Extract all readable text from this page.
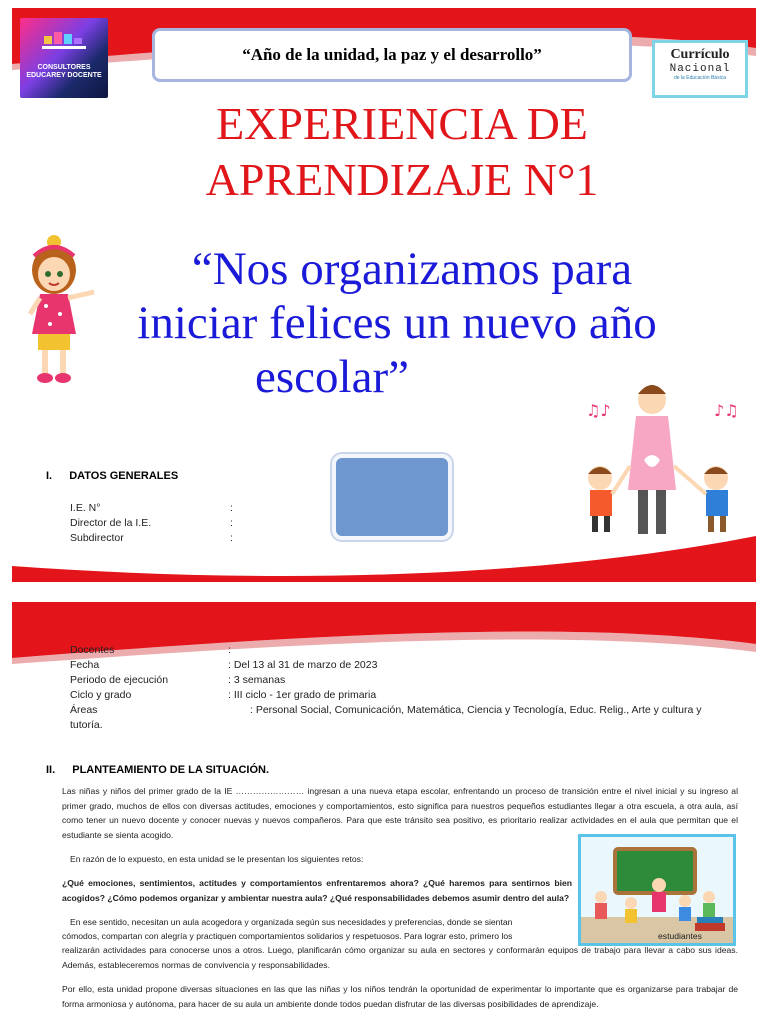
CONSULTORES EDUCAREY DOCENTE
“Año de la unidad, la paz y el desarrollo”	Currículo
Nacional
de la Educación Básica
EXPERIENCIA DE
APRENDIZAJE N°1
“Nos organizamos para
iniciar felices un nuevo año
escolar”
♫♪	♪♫
I. DATOS GENERALES
I.E. N°	:
Director de la I.E.	:
Subdirector	:
Docentes	:
Fecha	: Del 13 al 31 de marzo de 2023
Periodo de ejecución	: 3 semanas
Ciclo y grado	: III ciclo - 1er grado de primaria
Áreas	: Personal Social, Comunicación, Matemática, Ciencia y Tecnología, Educ. Relig., Arte y cultura y
tutoría.
II. PLANTEAMIENTO DE LA SITUACIÓN.
Las niñas y niños del primer grado de la IE …………………… ingresan a una nueva etapa escolar, enfrentando un proceso de transición entre el nivel inicial y su ingreso al primer grado, muchos de ellos con diversas actitudes, emociones y comportamientos, esto significa para nuestros pequeños estudiantes llegar a otra escuela, a otra aula, así como tener un nuevo docente y conocer nuevas y nuevos compañeros. Para que este tránsito sea positivo, es prioritario realizar actividades en el aula que permitan que el estudiante se sienta acogido.
En razón de lo expuesto, en esta unidad se le presentan los siguientes retos:
¿Qué emociones, sentimientos, actitudes y comportamientos enfrentaremos ahora? ¿Qué haremos para sentirnos bien acogidos? ¿Cómo podemos organizar y ambientar nuestra aula? ¿Qué responsabilidades debemos asumir dentro del aula?
En ese sentido, necesitan un aula acogedora y organizada según sus necesidades y preferencias, donde se sientan
cómodos, compartan con alegría y practiquen comportamientos solidarios y respetuosos. Para lograr esto, primero los	estudiantes
realizarán actividades para conocerse unos a otros. Luego, planificarán cómo organizar su aula en sectores y conformarán equipos de trabajo para llevar a cabo sus ideas. Además, estableceremos normas de convivencia y responsabilidades.
Por ello, esta unidad propone diversas situaciones en las que las niñas y los niños tendrán la oportunidad de experimentar lo importante que es organizarse para trabajar de forma armoniosa y autónoma, para hacer de su aula un ambiente donde todos puedan disfrutar de las diversas posibilidades de aprendizaje.
